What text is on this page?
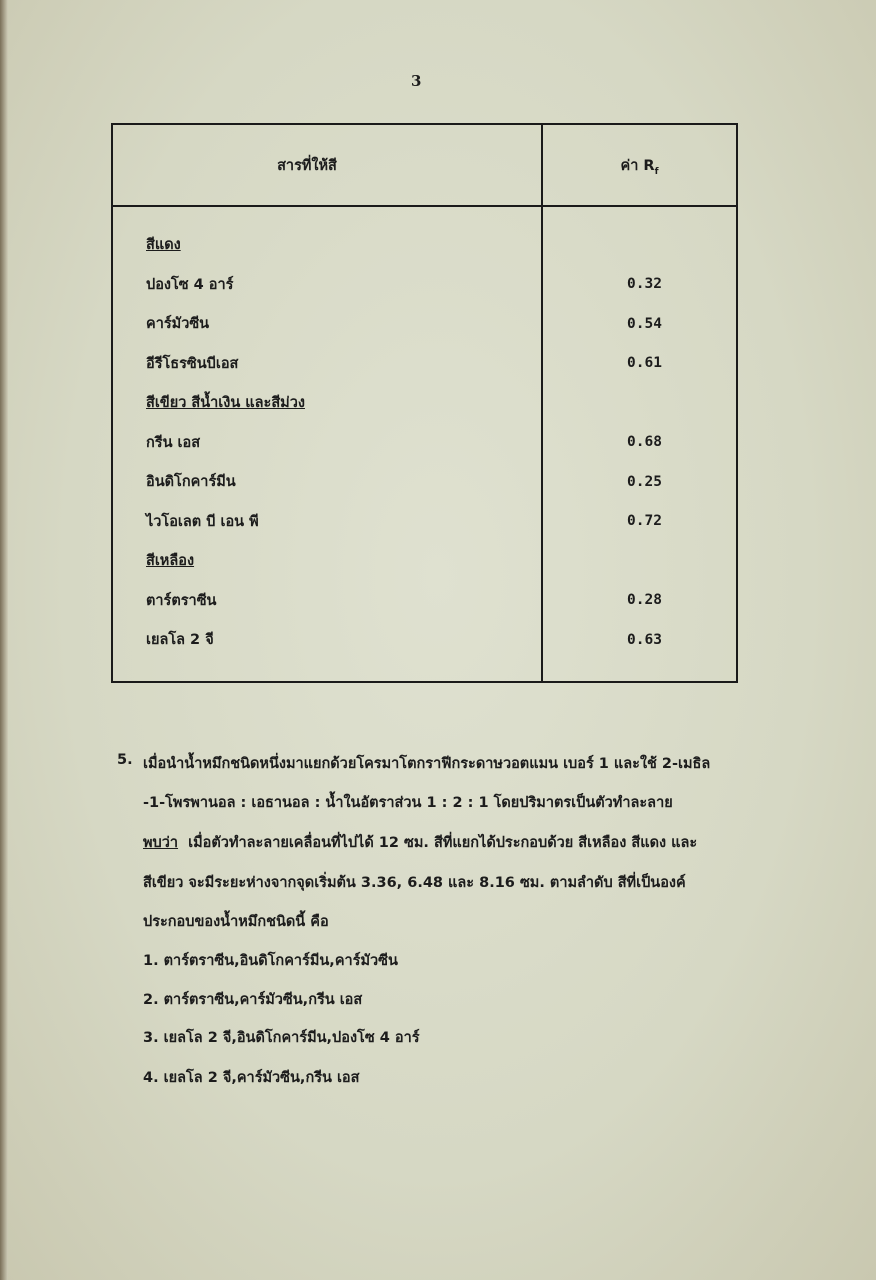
3
สารที่ให้สี	ค่า $R_f$

สีแดง	
ปองโซ 4 อาร์	0.32
คาร์มัวซีน	0.54
อีรีโธรซินบีเอส	0.61
สีเขียว สีน้ำเงิน และสีม่วง	
กรีน เอส	0.68
อินดิโกคาร์มีน	0.25
ไวโอเลต บี เอน พี	0.72
สีเหลือง	
ตาร์ตราซีน	0.28
เยลโล 2 จี	0.63

5. เมื่อนำน้ำหมึกชนิดหนึ่งมาแยกด้วยโครมาโตกราฟีกระดาษวอตแมน เบอร์ 1 และใช้ 2-เมธิล
-1-โพรพานอล : เอธานอล : น้ำในอัตราส่วน 1 : 2 : 1 โดยปริมาตรเป็นตัวทำละลาย
พบว่า เมื่อตัวทำละลายเคลื่อนที่ไปได้ 12 ซม. สีที่แยกได้ประกอบด้วย สีเหลือง สีแดง และ
สีเขียว จะมีระยะห่างจากจุดเริ่มต้น 3.36, 6.48 และ 8.16 ซม. ตามลำดับ สีที่เป็นองค์
ประกอบของน้ำหมึกชนิดนี้ คือ
1. ตาร์ตราซีน,อินดิโกคาร์มีน,คาร์มัวซีน
2. ตาร์ตราซีน,คาร์มัวซีน,กรีน เอส
3. เยลโล 2 จี,อินดิโกคาร์มีน,ปองโซ 4 อาร์
4. เยลโล 2 จี,คาร์มัวซีน,กรีน เอส
